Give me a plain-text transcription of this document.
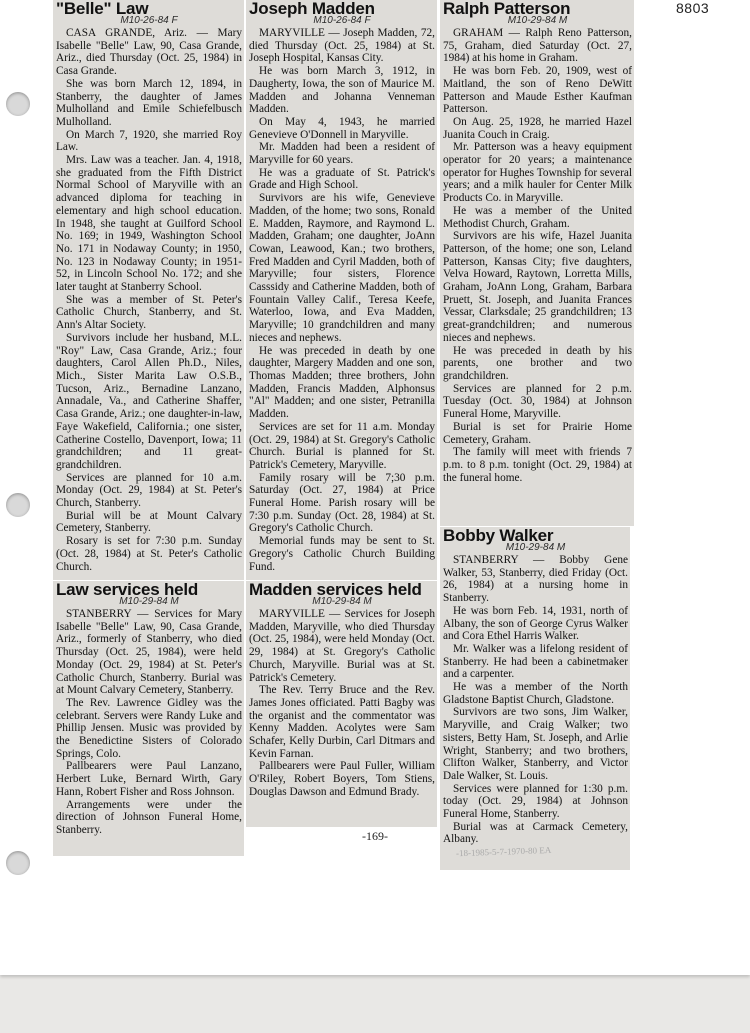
8803
"Belle" Law
M10-26-84 F

CASA GRANDE, Ariz. — Mary Isabelle "Belle" Law, 90, Casa Grande, Ariz., died Thursday (Oct. 25, 1984) in Casa Grande.

She was born March 12, 1894, in Stanberry, the daughter of James Mulholland and Emile Schiefelbusch Mulholland.

On March 7, 1920, she married Roy Law.

Mrs. Law was a teacher. Jan. 4, 1918, she graduated from the Fifth District Normal School of Maryville with an advanced diploma for teaching in elementary and high school education. In 1948, she taught at Guilford School No. 169; in 1949, Washington School No. 171 in Nodaway County; in 1950, No. 123 in Nodaway County; in 1951-52, in Lincoln School No. 172; and she later taught at Stanberry School.

She was a member of St. Peter's Catholic Church, Stanberry, and St. Ann's Altar Society.

Survivors include her husband, M.L. "Roy" Law, Casa Grande, Ariz.; four daughters, Carol Allen Ph.D., Niles, Mich., Sister Marita Law O.S.B., Tucson, Ariz., Bernadine Lanzano, Annadale, Va., and Catherine Shaffer, Casa Grande, Ariz.; one daughter-in-law, Faye Wakefield, California.; one sister, Catherine Costello, Davenport, Iowa; 11 grandchildren; and 11 great-grandchildren.

Services are planned for 10 a.m. Monday (Oct. 29, 1984) at St. Peter's Church, Stanberry.

Burial will be at Mount Calvary Cemetery, Stanberry.

Rosary is set for 7:30 p.m. Sunday (Oct. 28, 1984) at St. Peter's Catholic Church.

Joseph Madden
M10-26-84 F

MARYVILLE — Joseph Madden, 72, died Thursday (Oct. 25, 1984) at St. Joseph Hospital, Kansas City.

He was born March 3, 1912, in Daugherty, Iowa, the son of Maurice M. Madden and Johanna Venneman Madden.

On May 4, 1943, he married Genevieve O'Donnell in Maryville.

Mr. Madden had been a resident of Maryville for 60 years.

He was a graduate of St. Patrick's Grade and High School.

Survivors are his wife, Genevieve Madden, of the home; two sons, Ronald E. Madden, Raymore, and Raymond L. Madden, Graham; one daughter, JoAnn Cowan, Leawood, Kan.; two brothers, Fred Madden and Cyril Madden, both of Maryville; four sisters, Florence Casssidy and Catherine Madden, both of Fountain Valley Calif., Teresa Keefe, Waterloo, Iowa, and Eva Madden, Maryville; 10 grandchildren and many nieces and nephews.

He was preceded in death by one daughter, Margery Madden and one son, Thomas Madden; three brothers, John Madden, Francis Madden, Alphonsus "Al" Madden; and one sister, Petranilla Madden.

Services are set for 11 a.m. Monday (Oct. 29, 1984) at St. Gregory's Catholic Church. Burial is planned for St. Patrick's Cemetery, Maryville.

Family rosary will be 7;30 p.m. Saturday (Oct. 27, 1984) at Price Funeral Home. Parish rosary will be 7:30 p.m. Sunday (Oct. 28, 1984) at St. Gregory's Catholic Church.

Memorial funds may be sent to St. Gregory's Catholic Church Building Fund.

Ralph Patterson
M10-29-84 M

GRAHAM — Ralph Reno Patterson, 75, Graham, died Saturday (Oct. 27, 1984) at his home in Graham.

He was born Feb. 20, 1909, west of Maitland, the son of Reno DeWitt Patterson and Maude Esther Kaufman Patterson.

On Aug. 25, 1928, he married Hazel Juanita Couch in Craig.

Mr. Patterson was a heavy equipment operator for 20 years; a maintenance operator for Hughes Township for several years; and a milk hauler for Center Milk Products Co. in Maryville.

He was a member of the United Methodist Church, Graham.

Survivors are his wife, Hazel Juanita Patterson, of the home; one son, Leland Patterson, Kansas City; five daughters, Velva Howard, Raytown, Lorretta Mills, Graham, JoAnn Long, Graham, Barbara Pruett, St. Joseph, and Juanita Frances Vessar, Clarksdale; 25 grandchildren; 13 great-grandchildren; and numerous nieces and nephews.

He was preceded in death by his parents, one brother and two grandchildren.

Services are planned for 2 p.m. Tuesday (Oct. 30, 1984) at Johnson Funeral Home, Maryville.

Burial is set for Prairie Home Cemetery, Graham.

The family will meet with friends 7 p.m. to 8 p.m. tonight (Oct. 29, 1984) at the funeral home.

Law services held
M10-29-84 M

STANBERRY — Services for Mary Isabelle "Belle" Law, 90, Casa Grande, Ariz., formerly of Stanberry, who died Thursday (Oct. 25, 1984), were held Monday (Oct. 29, 1984) at St. Peter's Catholic Church, Stanberry. Burial was at Mount Calvary Cemetery, Stanberry.

The Rev. Lawrence Gidley was the celebrant. Servers were Randy Luke and Phillip Jensen. Music was provided by the Benedictine Sisters of Colorado Springs, Colo.

Pallbearers were Paul Lanzano, Herbert Luke, Bernard Wirth, Gary Hann, Robert Fisher and Ross Johnson.

Arrangements were under the direction of Johnson Funeral Home, Stanberry.

Madden services held
M10-29-84 M

MARYVILLE — Services for Joseph Madden, Maryville, who died Thursday (Oct. 25, 1984), were held Monday (Oct. 29, 1984) at St. Gregory's Catholic Church, Maryville. Burial was at St. Patrick's Cemetery.

The Rev. Terry Bruce and the Rev. James Jones officiated. Patti Bagby was the organist and the commentator was Kenny Madden. Acolytes were Sam Schafer, Kelly Durbin, Carl Ditmars and Kevin Farnan.

Pallbearers were Paul Fuller, William O'Riley, Robert Boyers, Tom Stiens, Douglas Dawson and Edmund Brady.

Bobby Walker
M10-29-84 M

STANBERRY — Bobby Gene Walker, 53, Stanberry, died Friday (Oct. 26, 1984) at a nursing home in Stanberry.

He was born Feb. 14, 1931, north of Albany, the son of George Cyrus Walker and Cora Ethel Harris Walker.

Mr. Walker was a lifelong resident of Stanberry. He had been a cabinetmaker and a carpenter.

He was a member of the North Gladstone Baptist Church, Gladstone.

Survivors are two sons, Jim Walker, Maryville, and Craig Walker; two sisters, Betty Ham, St. Joseph, and Arlie Wright, Stanberry; and two brothers, Clifton Walker, Stanberry, and Victor Dale Walker, St. Louis.

Services were planned for 1:30 p.m. today (Oct. 29, 1984) at Johnson Funeral Home, Stanberry.

Burial was at Carmack Cemetery, Albany.

-169-
-18-1985-5-7-1970-80 EA
